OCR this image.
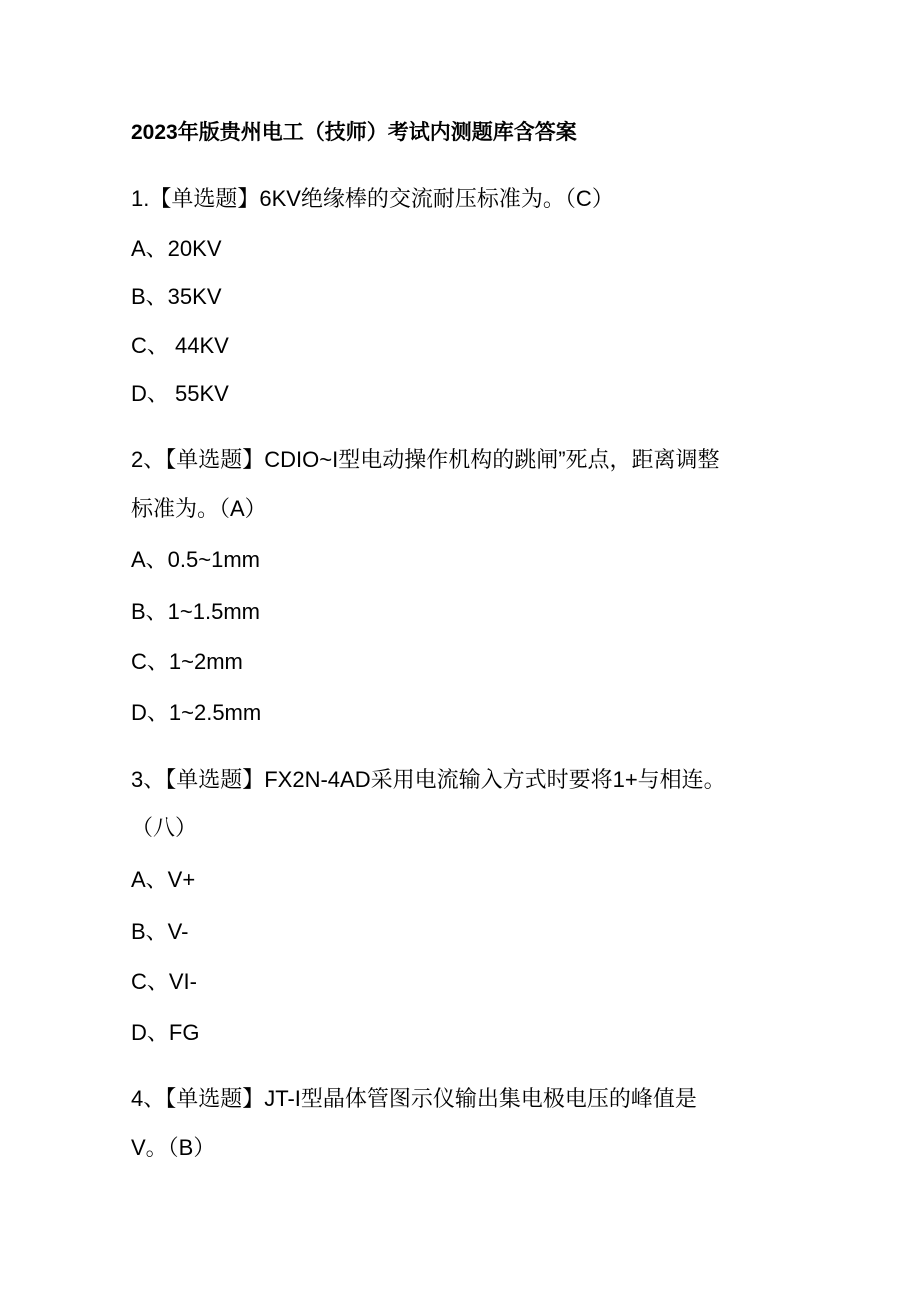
2023年版贵州电工（技师）考试内测题库含答案
1.【单选题】6KV绝缘棒的交流耐压标准为。（C）
A、20KV
B、35KV
C、 44KV
D、 55KV
2、【单选题】CDIO~I型电动操作机构的跳闸”死点，距离调整
标准为。（A）
A、0.5~1mm
B、1~1.5mm
C、1~2mm
D、1~2.5mm
3、【单选题】FX2N-4AD采用电流输入方式时要将1+与相连。
（八）
A、V+
B、V-
C、VI-
D、FG
4、【单选题】JT-I型晶体管图示仪输出集电极电压的峰值是
V。（B）
